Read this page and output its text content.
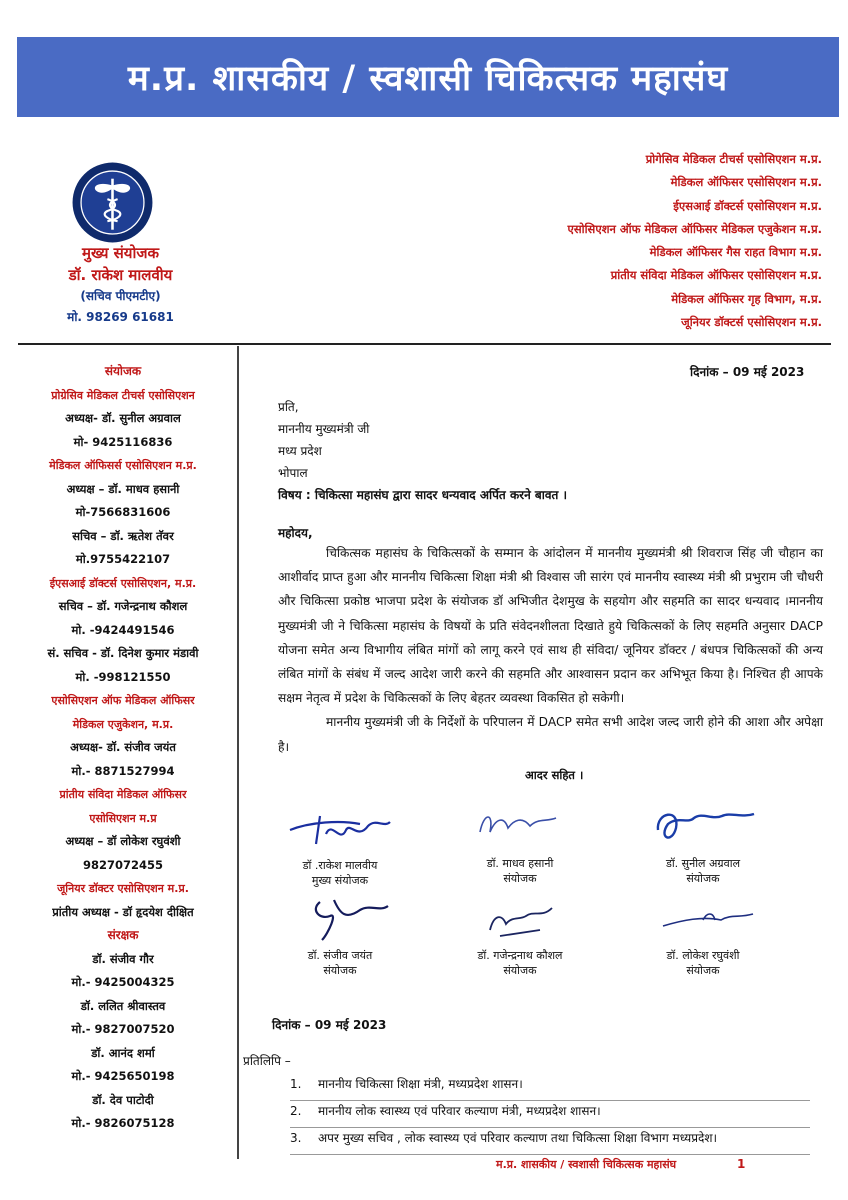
म.प्र. शासकीय / स्वशासी चिकित्सक महासंघ
मुख्य संयोजक
डॉ. राकेश मालवीय
(सचिव पीएमटीए)
मो. 98269 61681
प्रोगेसिव मेडिकल टीचर्स एसोसिएशन म.प्र.
मेडिकल ऑफिसर एसोसिएशन म.प्र.
ईएसआई डॉक्टर्स एसोसिएशन म.प्र.
एसोसिएशन ऑफ मेडिकल ऑफिसर मेडिकल एजुकेशन म.प्र.
मेडिकल ऑफिसर गैस राहत विभाग म.प्र.
प्रांतीय संविदा मेडिकल ऑफिसर एसोसिएशन म.प्र.
मेडिकल ऑफिसर गृह विभाग, म.प्र.
जूनियर डॉक्टर्स एसोसिएशन म.प्र.
संयोजक
प्रोग्रेसिव मेडिकल टीचर्स एसोसिएशन
अध्यक्ष- डॉ. सुनील अग्रवाल
मो- 9425116836
मेडिकल ऑफिसर्स एसोसिएशन म.प्र.
अध्यक्ष – डॉ. माधव हसानी
मो-7566831606
सचिव – डॉ. ऋतेश तॅवर
मो.9755422107
ईएसआई डॉक्टर्स एसोसिएशन, म.प्र.
सचिव – डॉ. गजेन्द्रनाथ कौशल
मो. -9424491546
सं. सचिव - डॉ. दिनेश कुमार मंडावी
मो. -998121550
एसोसिएशन ऑफ मेडिकल ऑफिसर
मेडिकल एजुकेशन, म.प्र.
अध्यक्ष- डॉ. संजीव जयंत
मो.- 8871527994
प्रांतीय संविदा मेडिकल ऑफिसर
एसोसिएशन म.प्र
अध्यक्ष – डॉ लोकेश रघुवंशी
9827072455
जूनियर डॉक्टर एसोसिएशन म.प्र.
प्रांतीय अध्यक्ष - डॉ हृदयेश दीक्षित
संरक्षक
डॉ. संजीव गौर
मो.- 9425004325
डॉ. ललित श्रीवास्तव
मो.- 9827007520
डॉ. आनंद शर्मा
मो.- 9425650198
डॉ. देव पाटोदी
मो.- 9826075128
दिनांक – 09 मई 2023
प्रति,
माननीय मुख्यमंत्री जी
मध्य प्रदेश
भोपाल
विषय : चिकित्सा महासंघ द्वारा सादर धन्यवाद अर्पित करने बावत ।
महोदय,

चिकित्सक महासंघ के चिकित्सकों के सम्मान के आंदोलन में माननीय मुख्यमंत्री श्री शिवराज सिंह जी चौहान का आशीर्वाद प्राप्त हुआ और माननीय चिकित्सा शिक्षा मंत्री श्री विश्वास जी सारंग एवं माननीय स्वास्थ्य मंत्री श्री प्रभुराम जी चौधरी और चिकित्सा प्रकोष्ठ भाजपा प्रदेश के संयोजक डॉ अभिजीत देशमुख के सहयोग और सहमति का सादर धन्यवाद ।माननीय मुख्यमंत्री जी ने चिकित्सा महासंघ के विषयों के प्रति संवेदनशीलता दिखाते हुये चिकित्सकों के लिए सहमति अनुसार DACP योजना समेत अन्य विभागीय लंबित मांगों को लागू करने एवं साथ ही संविदा/ जूनियर डॉक्टर / बंधपत्र चिकित्सकों की अन्य लंबित मांगों के संबंध में जल्द आदेश जारी करने की सहमति और आश्वासन प्रदान कर अभिभूत किया है। निश्चित ही आपके सक्षम नेतृत्व में प्रदेश के चिकित्सकों के लिए बेहतर व्यवस्था विकसित हो सकेगी।

माननीय मुख्यमंत्री जी के निर्देशों के परिपालन में DACP समेत सभी आदेश जल्द जारी होने की आशा और अपेक्षा है।

आदर सहित ।
डॉ .राकेश मालवीय
मुख्य संयोजक
डॉ. माधव हसानी
संयोजक
डॉ. सुनील अग्रवाल
संयोजक
डॉ. संजीव जयंत
संयोजक
डॉ. गजेन्द्रनाथ कौशल
संयोजक
डॉ. लोकेश रघुवंशी
संयोजक
दिनांक – 09 मई 2023
प्रतिलिपि –
1.	माननीय चिकित्सा शिक्षा मंत्री, मध्यप्रदेश शासन।
2.	माननीय लोक स्वास्थ्य एवं परिवार कल्याण मंत्री, मध्यप्रदेश शासन।
3.	अपर मुख्य सचिव , लोक स्वास्थ्य एवं परिवार कल्याण तथा चिकित्सा शिक्षा विभाग मध्यप्रदेश।
म.प्र. शासकीय / स्वशासी चिकित्सक महासंघ	1
